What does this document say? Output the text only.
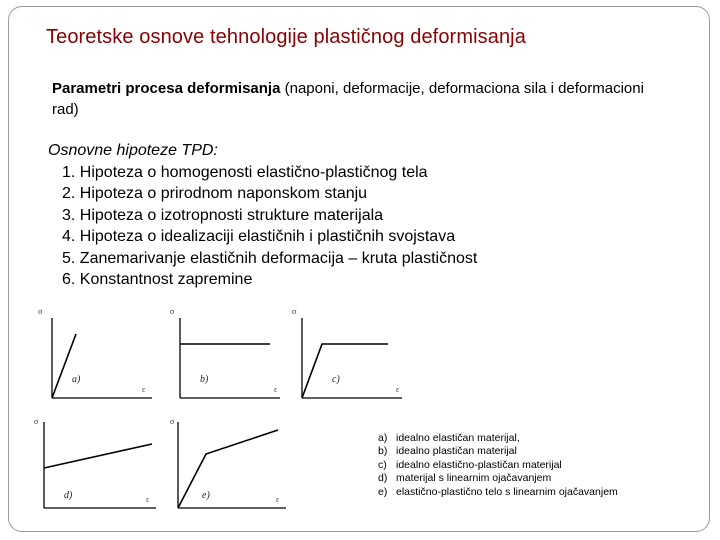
Teoretske osnove tehnologije plastičnog deformisanja
Parametri procesa deformisanja (naponi, deformacije, deformaciona sila i deformacioni rad)
Osnovne hipoteze TPD:
1. Hipoteza o homogenosti elastično-plastičnog tela
2. Hipoteza o prirodnom naponskom stanju
3. Hipoteza o izotropnosti strukture materijala
4. Hipoteza o idealizaciji elastičnih i plastičnih svojstava
5. Zanemarivanje elastičnih deformacija – kruta plastičnost
6. Konstantnost zapremine
σ
ε
a)
σ
ε
b)
σ
ε
c)
σ
ε
d)
σ
ε
e)
a) idealno elastičan materijal,
b) idealno plastičan materijal
c) idealno elastično-plastičan materijal
d) materijal s linearnim ojačavanjem
e) elastično-plastično telo s linearnim ojačavanjem
